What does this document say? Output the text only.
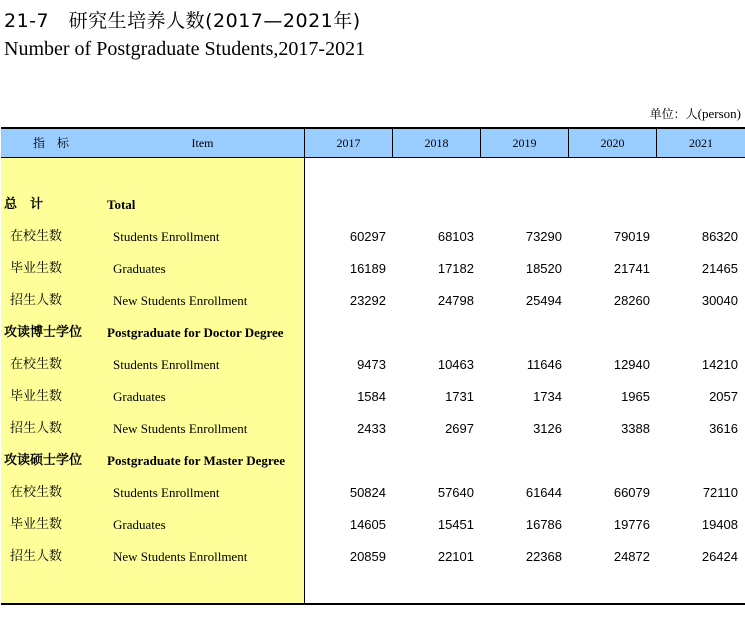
21-7　研究生培养人数(2017—2021年)
Number of Postgraduate Students,2017-2021
单位：人(person)
指　标	Item	2017	2018	2019	2020	2021
总　计	Total
在校生数	Students Enrollment	60297	68103	73290	79019	86320
毕业生数	Graduates	16189	17182	18520	21741	21465
招生人数	New Students Enrollment	23292	24798	25494	28260	30040
攻读博士学位 Postgraduate for Doctor Degree
在校生数	Students Enrollment	9473	10463	11646	12940	14210
毕业生数	Graduates	1584	1731	1734	1965	2057
招生人数	New Students Enrollment	2433	2697	3126	3388	3616
攻读硕士学位 Postgraduate for Master Degree
在校生数	Students Enrollment	50824	57640	61644	66079	72110
毕业生数	Graduates	14605	15451	16786	19776	19408
招生人数	New Students Enrollment	20859	22101	22368	24872	26424
